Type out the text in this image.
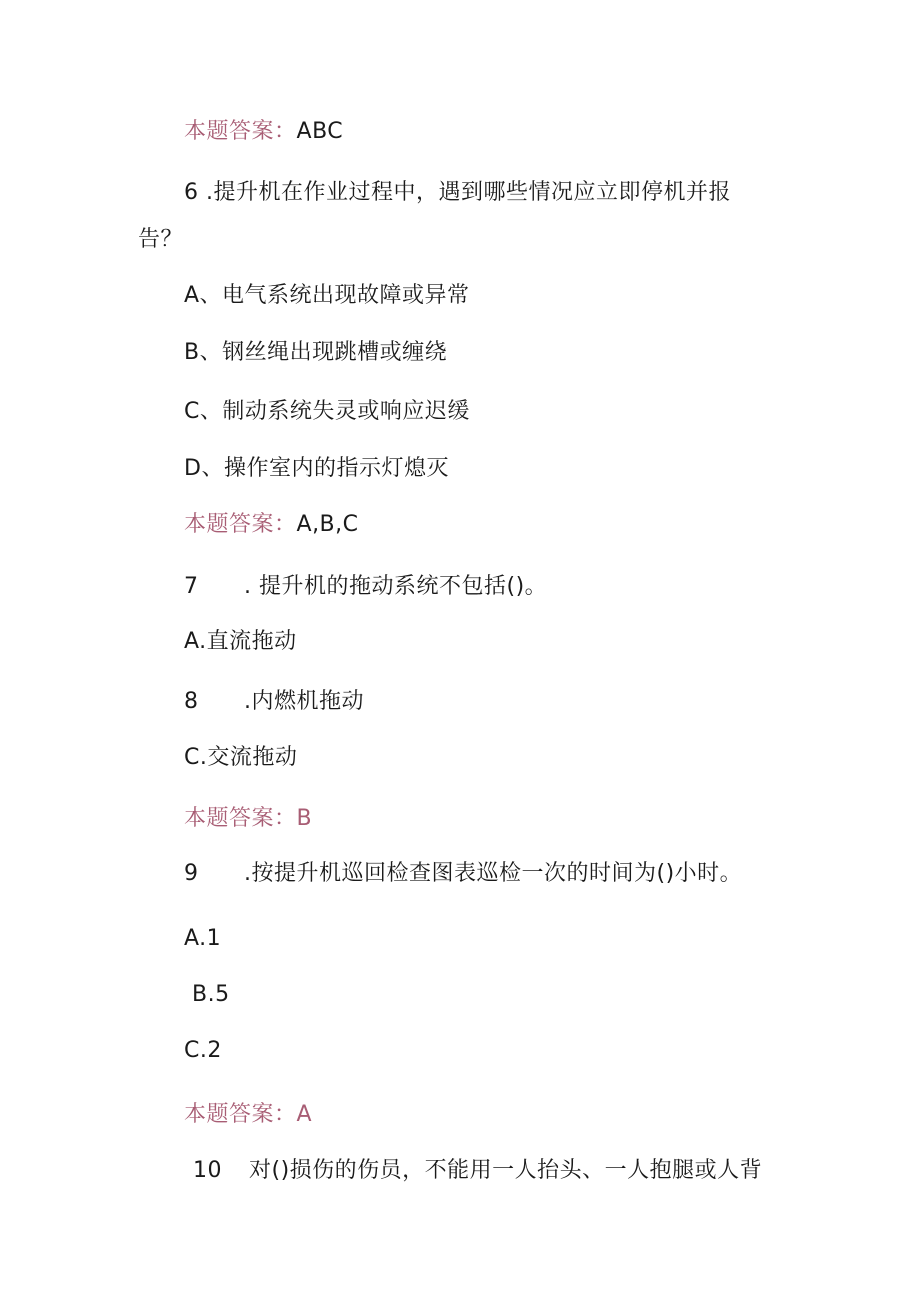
本题答案：ABC
6 .提升机在作业过程中，遇到哪些情况应立即停机并报
告？
A、电气系统出现故障或异常
B、钢丝绳出现跳槽或缠绕
C、制动系统失灵或响应迟缓
D、操作室内的指示灯熄灭
本题答案：A,B,C
7 . 提升机的拖动系统不包括()。
A.直流拖动
8 .内燃机拖动
C.交流拖动
本题答案：B
9 .按提升机巡回检查图表巡检一次的时间为()小时。
A.1
B.5
C.2
本题答案：A
10 对()损伤的伤员，不能用一人抬头、一人抱腿或人背
